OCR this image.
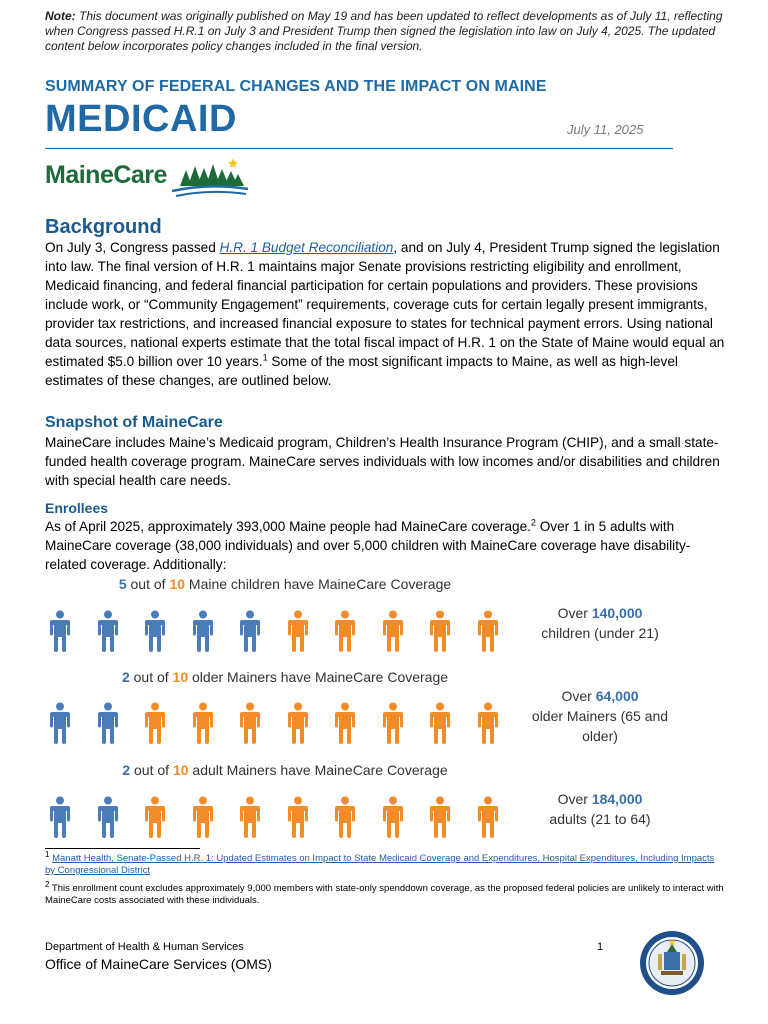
Note: This document was originally published on May 19 and has been updated to reflect developments as of July 11, reflecting when Congress passed H.R.1 on July 3 and President Trump then signed the legislation into law on July 4, 2025. The updated content below incorporates policy changes included in the final version.
SUMMARY OF FEDERAL CHANGES AND THE IMPACT ON MAINE
MEDICAID	July 11, 2025
MaineCare
Background
On July 3, Congress passed H.R. 1 Budget Reconciliation, and on July 4, President Trump signed the legislation into law. The final version of H.R. 1 maintains major Senate provisions restricting eligibility and enrollment, Medicaid financing, and federal financial participation for certain populations and providers. These provisions include work, or “Community Engagement” requirements, coverage cuts for certain legally present immigrants, provider tax restrictions, and increased financial exposure to states for technical payment errors. Using national data sources, national experts estimate that the total fiscal impact of H.R. 1 on the State of Maine would equal an estimated $5.0 billion over 10 years.$^1$ Some of the most significant impacts to Maine, as well as high-level estimates of these changes, are outlined below.
Snapshot of MaineCare
MaineCare includes Maine’s Medicaid program, Children’s Health Insurance Program (CHIP), and a small state-funded health coverage program. MaineCare serves individuals with low incomes and/or disabilities and children with special health care needs.
Enrollees
As of April 2025, approximately 393,000 Maine people had MaineCare coverage.$^2$ Over 1 in 5 adults with MaineCare coverage (38,000 individuals) and over 5,000 children with MaineCare coverage have disability-related coverage. Additionally:
5 out of 10 Maine children have MaineCare Coverage
Over 140,000
children (under 21)
2 out of 10 older Mainers have MaineCare Coverage
Over 64,000
older Mainers (65 and older)
2 out of 10 adult Mainers have MaineCare Coverage
Over 184,000
adults (21 to 64)
$^1$ Manatt Health, Senate-Passed H.R. 1: Updated Estimates on Impact to State Medicaid Coverage and Expenditures, Hospital Expenditures, Including Impacts by Congressional District
$^2$ This enrollment count excludes approximately 9,000 members with state-only spenddown coverage, as the proposed federal policies are unlikely to interact with MaineCare costs associated with these individuals.
Department of Health & Human Services
Office of MaineCare Services (OMS)
1
